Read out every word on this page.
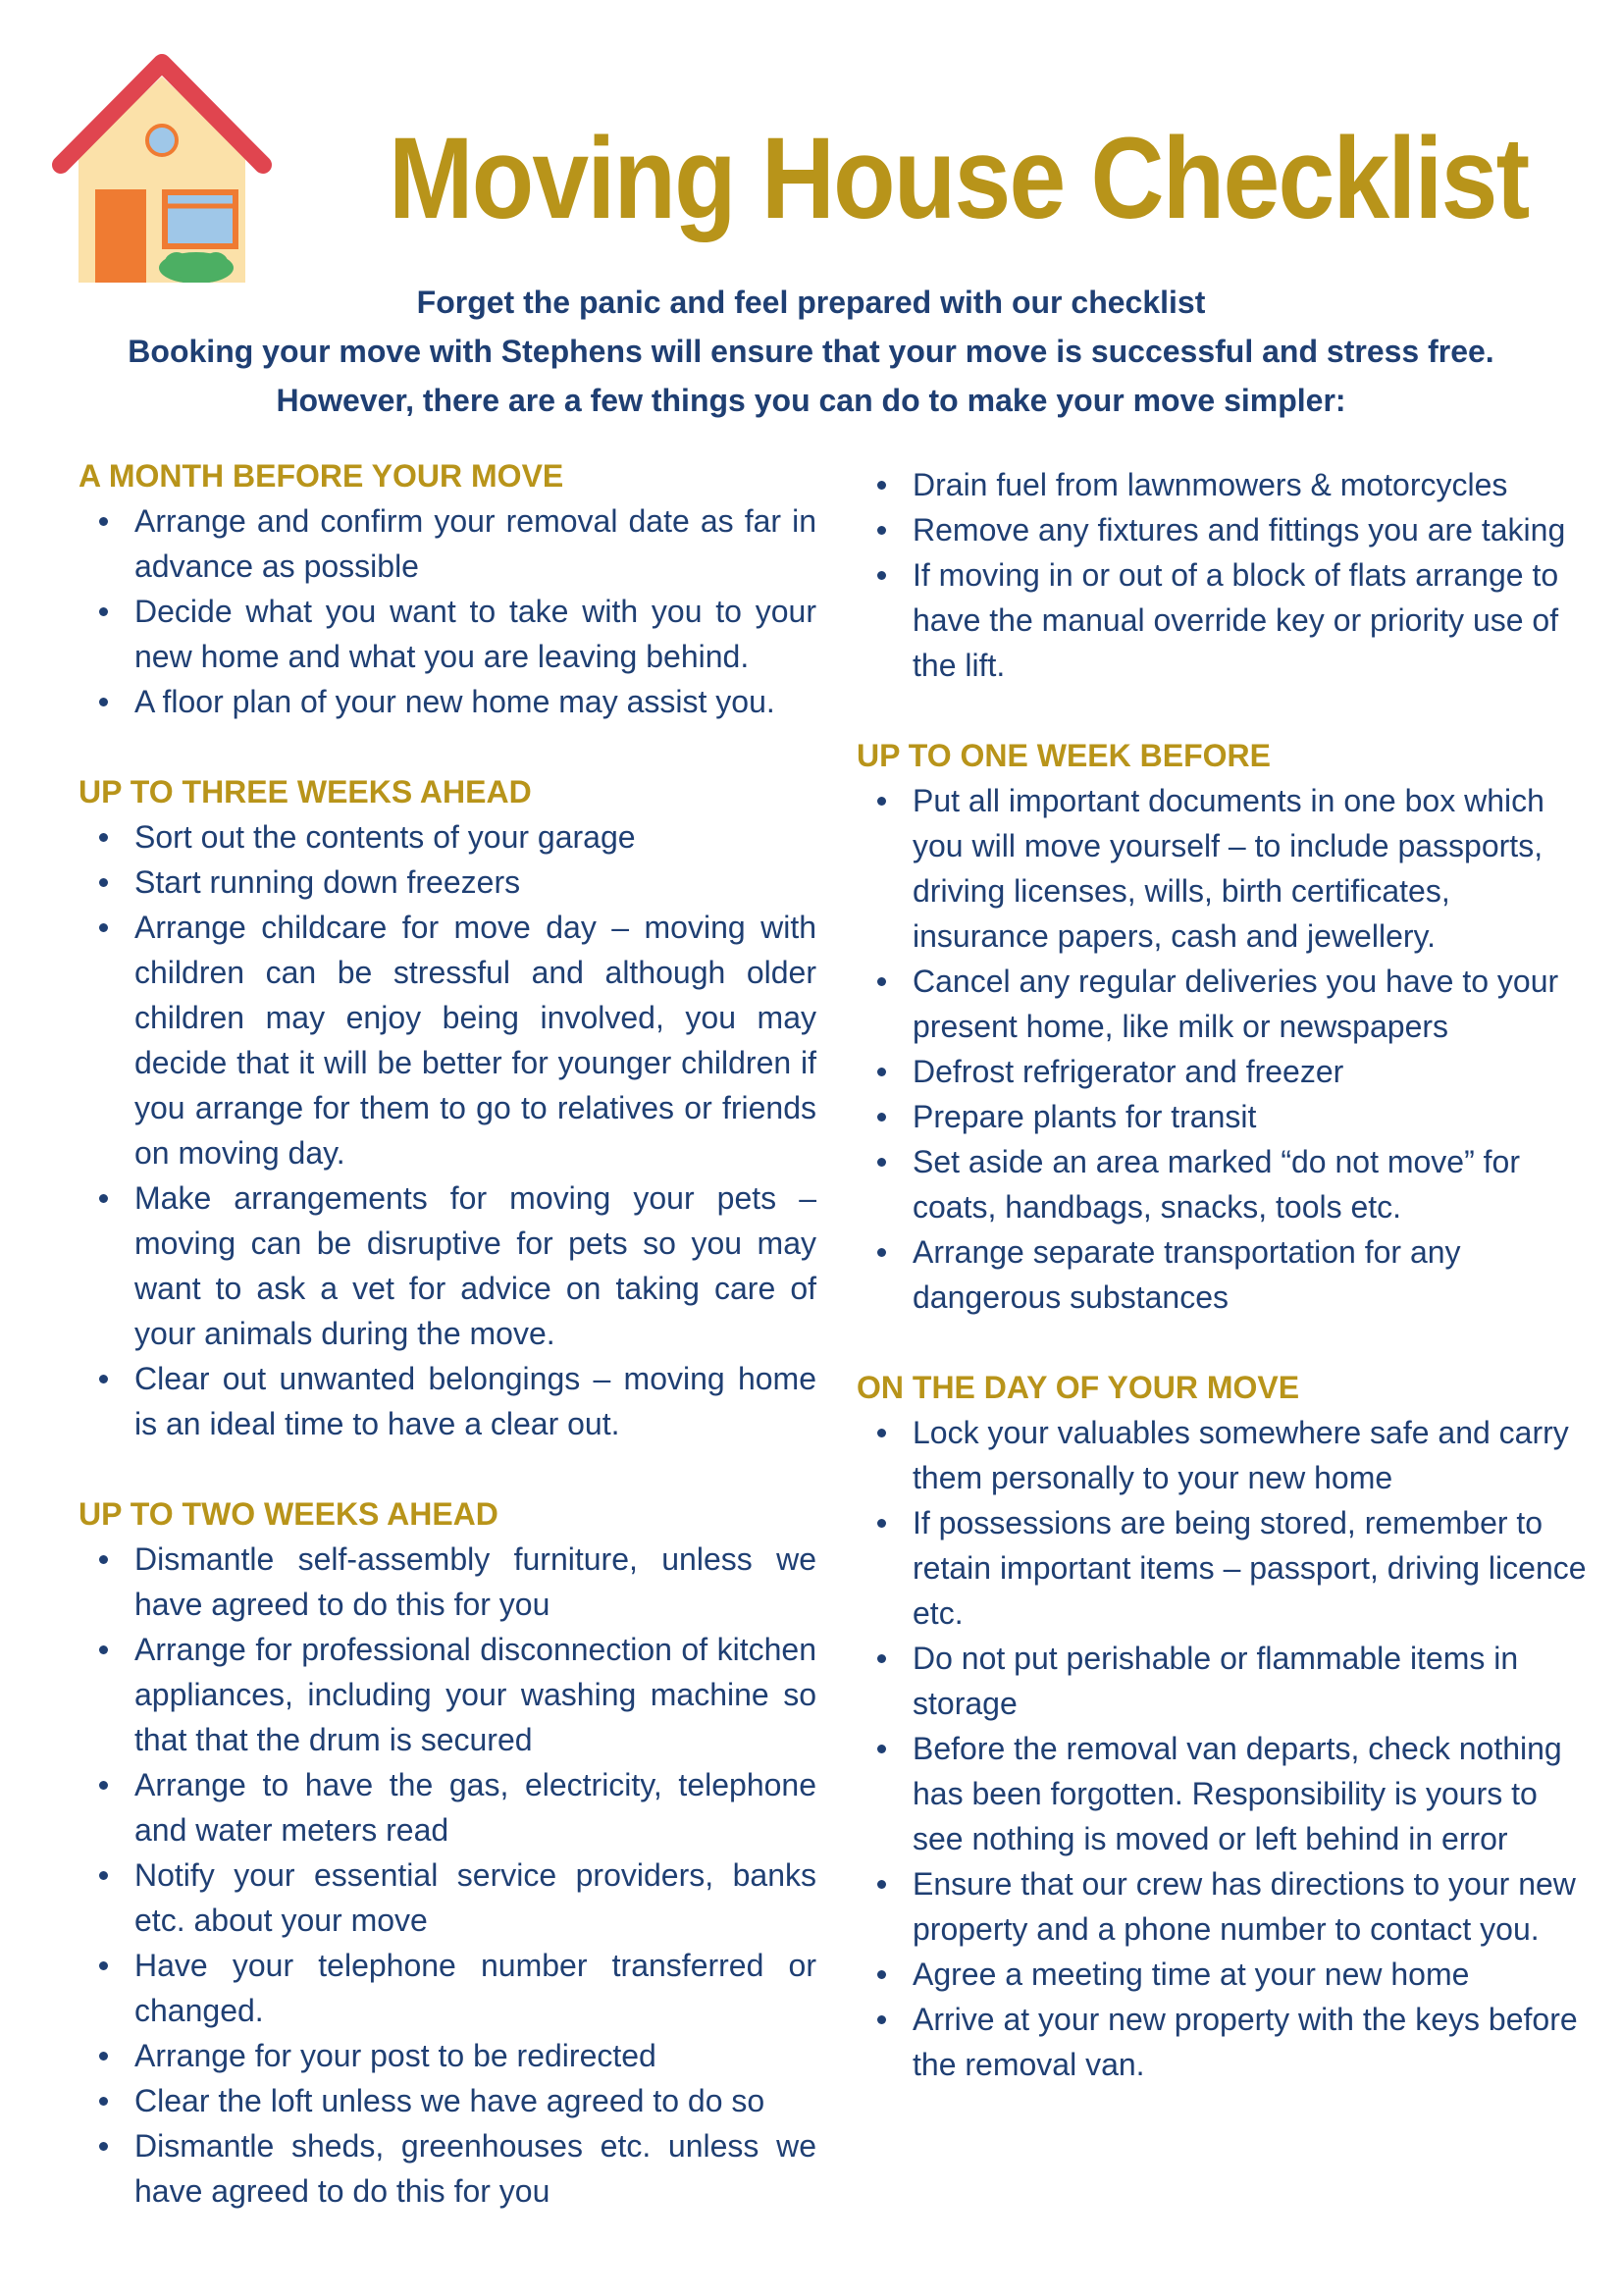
Moving House Checklist
Forget the panic and feel prepared with our checklist
Booking your move with Stephens will ensure that your move is successful and stress free.
However, there are a few things you can do to make your move simpler:
A MONTH BEFORE YOUR MOVE
Arrange and confirm your removal date as far in advance as possible
Decide what you want to take with you to your new home and what you are leaving behind.
A floor plan of your new home may assist you.
UP TO THREE WEEKS AHEAD
Sort out the contents of your garage
Start running down freezers
Arrange childcare for move day – moving with children can be stressful and although older children may enjoy being involved, you may decide that it will be better for younger children if you arrange for them to go to relatives or friends on moving day.
Make arrangements for moving your pets – moving can be disruptive for pets so you may want to ask a vet for advice on taking care of your animals during the move.
Clear out unwanted belongings – moving home is an ideal time to have a clear out.
UP TO TWO WEEKS AHEAD
Dismantle self-assembly furniture, unless we have agreed to do this for you
Arrange for professional disconnection of kitchen appliances, including your washing machine so that that the drum is secured
Arrange to have the gas, electricity, telephone and water meters read
Notify your essential service providers, banks etc. about your move
Have your telephone number transferred or changed.
Arrange for your post to be redirected
Clear the loft unless we have agreed to do so
Dismantle sheds, greenhouses etc. unless we have agreed to do this for you
Drain fuel from lawnmowers & motorcycles
Remove any fixtures and fittings you are taking
If moving in or out of a block of flats arrange to have the manual override key or priority use of the lift.
UP TO ONE WEEK BEFORE
Put all important documents in one box which you will move yourself – to include passports, driving licenses, wills, birth certificates, insurance papers, cash and jewellery.
Cancel any regular deliveries you have to your present home, like milk or newspapers
Defrost refrigerator and freezer
Prepare plants for transit
Set aside an area marked “do not move” for coats, handbags, snacks, tools etc.
Arrange separate transportation for any dangerous substances
ON THE DAY OF YOUR MOVE
Lock your valuables somewhere safe and carry them personally to your new home
If possessions are being stored, remember to retain important items – passport, driving licence etc.
Do not put perishable or flammable items in storage
Before the removal van departs, check nothing has been forgotten. Responsibility is yours to see nothing is moved or left behind in error
Ensure that our crew has directions to your new property and a phone number to contact you.
Agree a meeting time at your new home
Arrive at your new property with the keys before the removal van.
